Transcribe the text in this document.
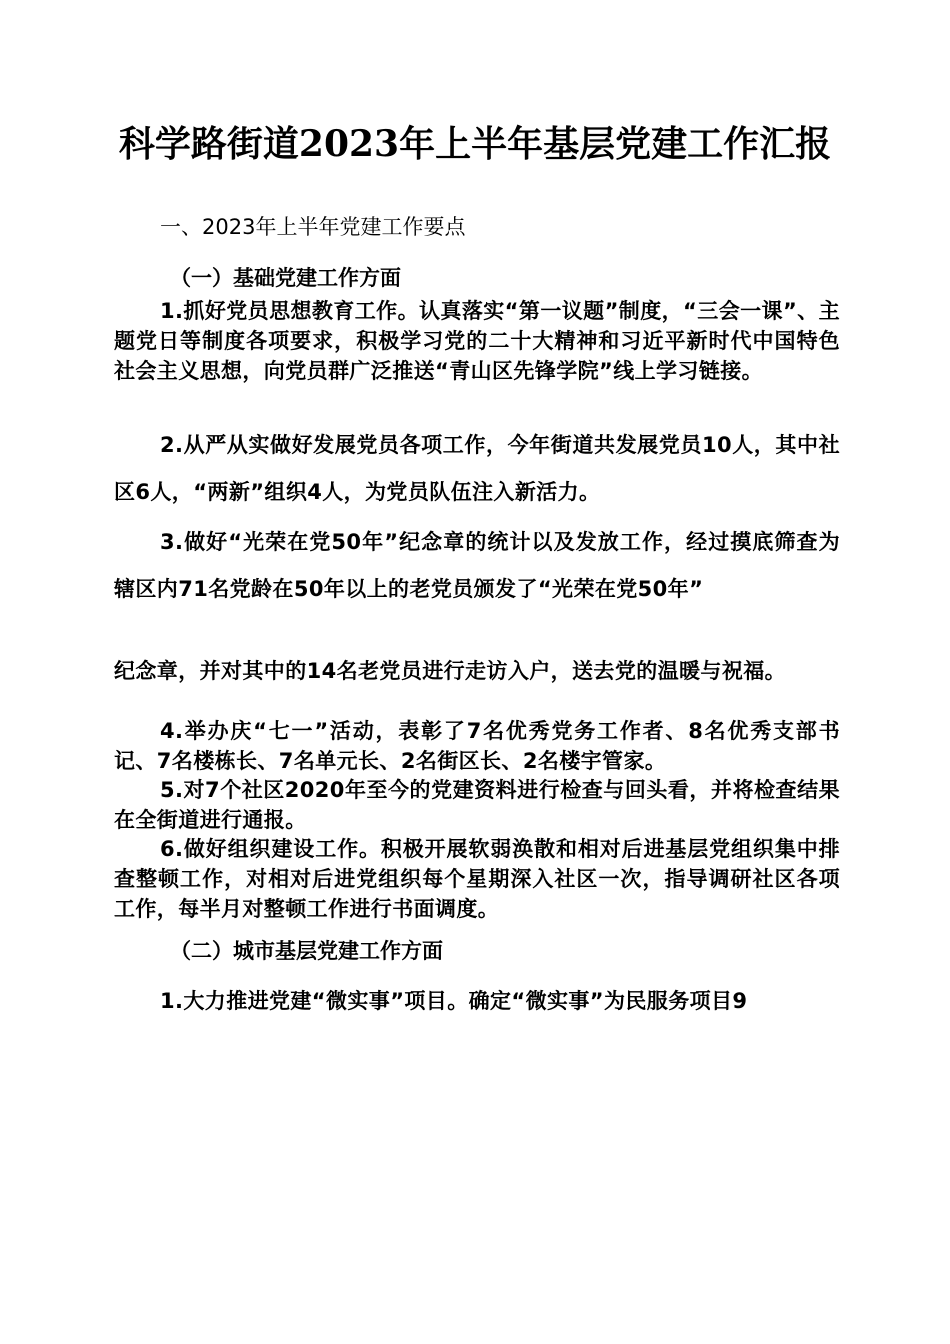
科学路街道2023年上半年基层党建工作汇报

一、2023年上半年党建工作要点

（一）基础党建工作方面

1.抓好党员思想教育工作。认真落实“第一议题”制度，“三会一课”、主题党日等制度各项要求，积极学习党的二十大精神和习近平新时代中国特色社会主义思想，向党员群广泛推送“青山区先锋学院”线上学习链接。

2.从严从实做好发展党员各项工作，今年街道共发展党员10人，其中社区6人，“两新”组织4人，为党员队伍注入新活力。

3.做好“光荣在党50年”纪念章的统计以及发放工作，经过摸底筛查为辖区内71名党龄在50年以上的老党员颁发了“光荣在党50年”

纪念章，并对其中的14名老党员进行走访入户，送去党的温暖与祝福。

4.举办庆“七一”活动，表彰了7名优秀党务工作者、8名优秀支部书记、7名楼栋长、7名单元长、2名街区长、2名楼宇管家。

5.对7个社区2020年至今的党建资料进行检查与回头看，并将检查结果在全街道进行通报。

6.做好组织建设工作。积极开展软弱涣散和相对后进基层党组织集中排查整顿工作，对相对后进党组织每个星期深入社区一次，指导调研社区各项工作，每半月对整顿工作进行书面调度。

（二）城市基层党建工作方面

1.大力推进党建“微实事”项目。确定“微实事”为民服务项目9
